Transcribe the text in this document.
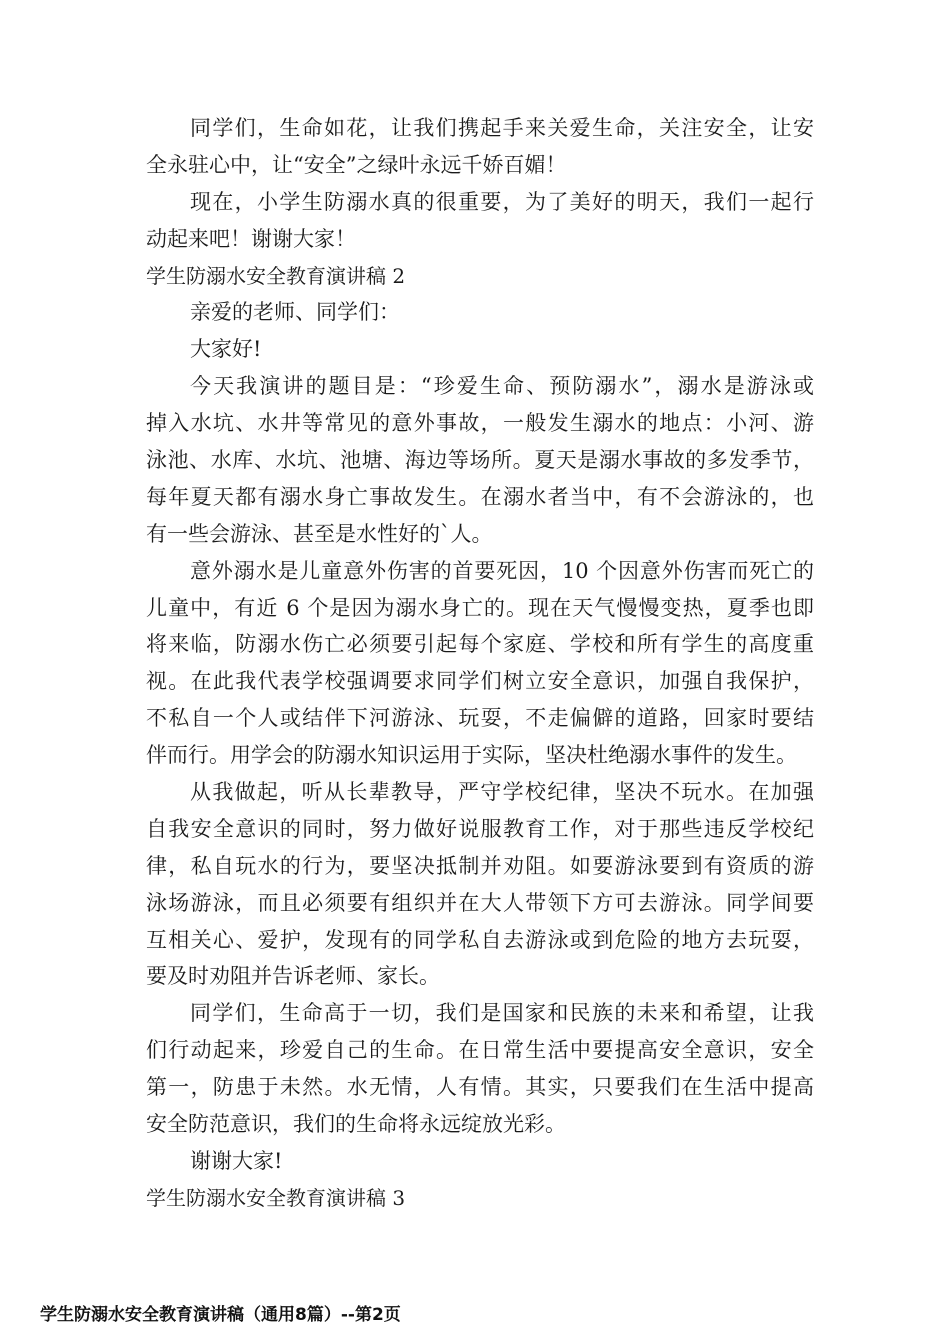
同学们，生命如花，让我们携起手来关爱生命，关注安全，让安
全永驻心中，让“安全”之绿叶永远千娇百媚！
现在，小学生防溺水真的很重要，为了美好的明天，我们一起行
动起来吧！谢谢大家！
学生防溺水安全教育演讲稿 2
亲爱的老师、同学们：
大家好!
今天我演讲的题目是：“珍爱生命、预防溺水”，溺水是游泳或
掉入水坑、水井等常见的意外事故，一般发生溺水的地点：小河、游
泳池、水库、水坑、池塘、海边等场所。夏天是溺水事故的多发季节，
每年夏天都有溺水身亡事故发生。在溺水者当中，有不会游泳的，也
有一些会游泳、甚至是水性好的`人。
意外溺水是儿童意外伤害的首要死因，10 个因意外伤害而死亡的
儿童中，有近 6 个是因为溺水身亡的。现在天气慢慢变热，夏季也即
将来临，防溺水伤亡必须要引起每个家庭、学校和所有学生的高度重
视。在此我代表学校强调要求同学们树立安全意识，加强自我保护，
不私自一个人或结伴下河游泳、玩耍，不走偏僻的道路，回家时要结
伴而行。用学会的防溺水知识运用于实际，坚决杜绝溺水事件的发生。
从我做起，听从长辈教导，严守学校纪律，坚决不玩水。在加强
自我安全意识的同时，努力做好说服教育工作，对于那些违反学校纪
律，私自玩水的行为，要坚决抵制并劝阻。如要游泳要到有资质的游
泳场游泳，而且必须要有组织并在大人带领下方可去游泳。同学间要
互相关心、爱护，发现有的同学私自去游泳或到危险的地方去玩耍，
要及时劝阻并告诉老师、家长。
同学们，生命高于一切，我们是国家和民族的未来和希望，让我
们行动起来，珍爱自己的生命。在日常生活中要提高安全意识，安全
第一，防患于未然。水无情，人有情。其实，只要我们在生活中提高
安全防范意识，我们的生命将永远绽放光彩。
谢谢大家!
学生防溺水安全教育演讲稿 3
学生防溺水安全教育演讲稿（通用8篇）--第2页
